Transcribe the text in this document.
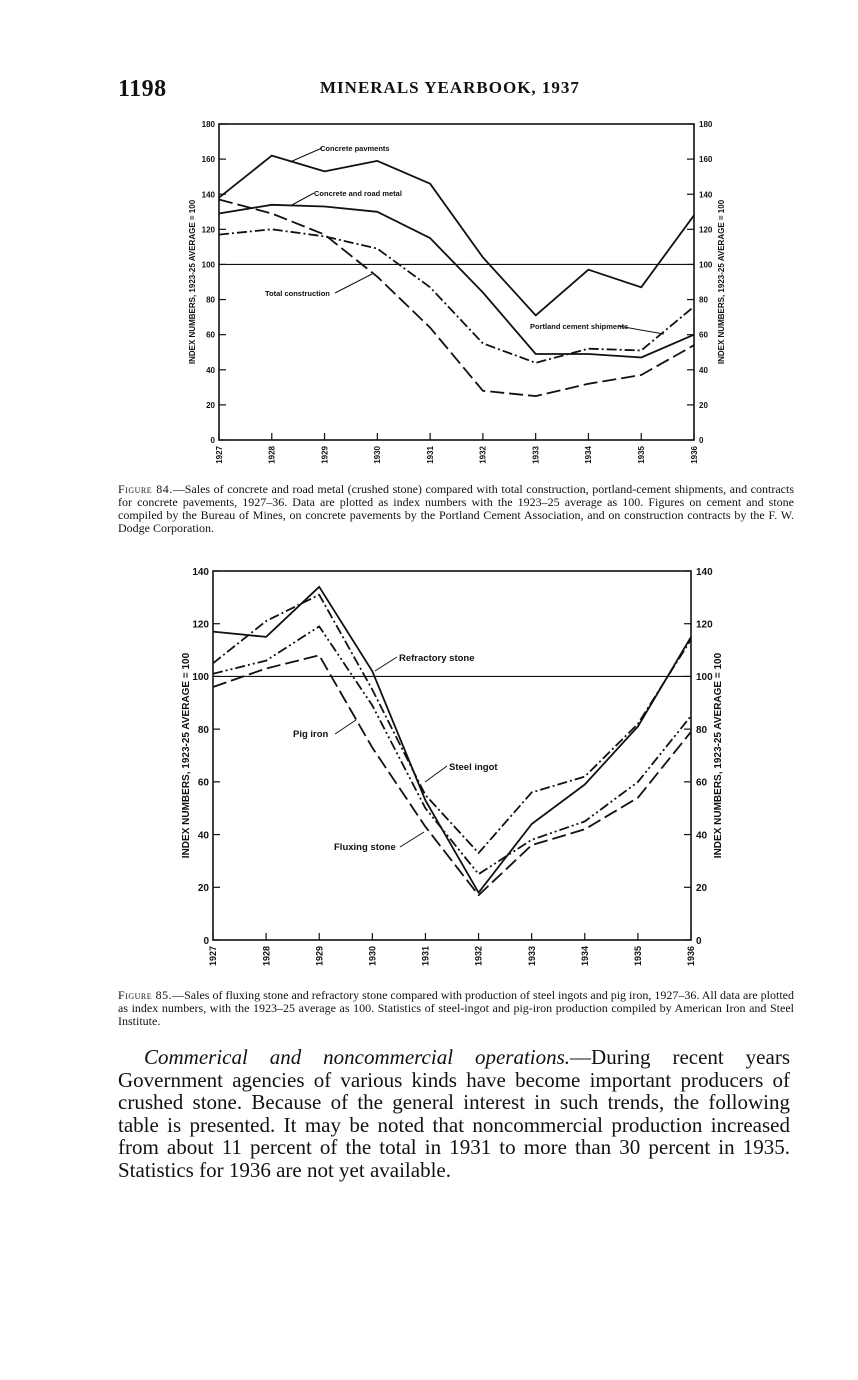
1198	MINERALS YEARBOOK, 1937
0	0
20	20
40	40
60	60
80	80
100	100
120	120
140	140
160	160
180	180
1927	1928	1929	1930	1931	1932	1933	1934	1935	1936
INDEX NUMBERS, 1923-25 AVERAGE = 100	INDEX NUMBERS, 1923-25 AVERAGE = 100
Concrete pavments
Concrete and road metal
Total construction
Portland cement shipments
Figure 84.—Sales of concrete and road metal (crushed stone) compared with total construction, portland-cement shipments, and contracts for concrete pavements, 1927–36. Data are plotted as index numbers with the 1923–25 average as 100. Figures on cement and stone compiled by the Bureau of Mines, on concrete pavements by the Portland Cement Association, and on construction contracts by the F. W. Dodge Corporation.
0	0
20	20
40	40
60	60
80	80
100	100
120	120
140	140
1927	1928	1929	1930	1931	1932	1933	1934	1935	1936
INDEX NUMBERS, 1923-25 AVERAGE = 100	INDEX NUMBERS, 1923-25 AVERAGE = 100
Refractory stone
Pig iron
Steel ingot
Fluxing stone
Figure 85.—Sales of fluxing stone and refractory stone compared with production of steel ingots and pig iron, 1927–36. All data are plotted as index numbers, with the 1923–25 average as 100. Statistics of steel-ingot and pig-iron production compiled by American Iron and Steel Institute.
Commerical and noncommercial operations.—During recent years Government agencies of various kinds have become important producers of crushed stone. Because of the general interest in such trends, the following table is presented. It may be noted that noncommercial production increased from about 11 percent of the total in 1931 to more than 30 percent in 1935. Statistics for 1936 are not yet available.
